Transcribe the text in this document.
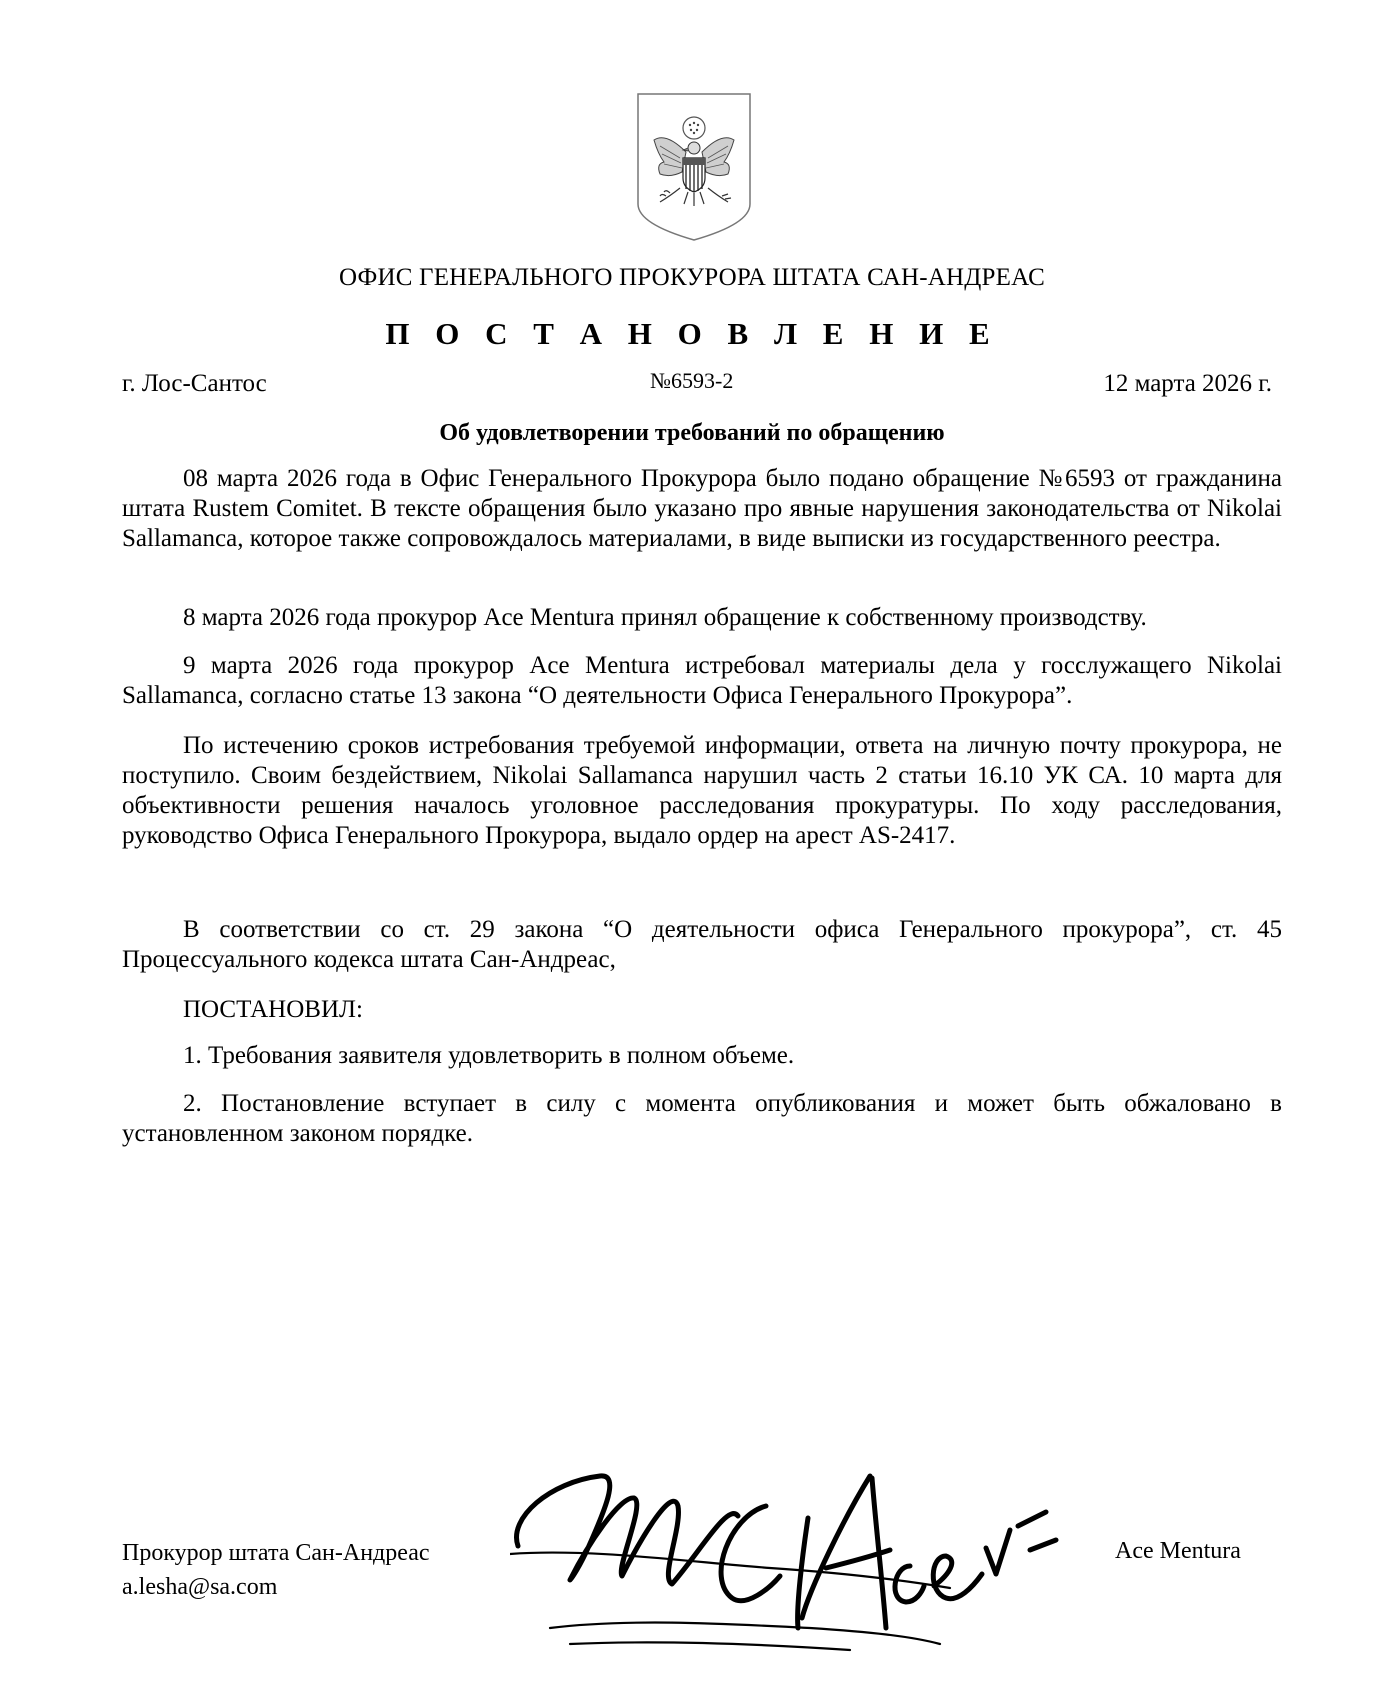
ОФИС ГЕНЕРАЛЬНОГО ПРОКУРОРА ШТАТА САН-АНДРЕАС
П О С Т А Н О В Л Е Н И Е
г. Лос-Сантос	№6593-2	12 марта 2026 г.
Об удовлетворении требований по обращению

08 марта 2026 года в Офис Генерального Прокурора было подано обращение №6593 от гражданина штата Rustem Comitet. В тексте обращения было указано про явные нарушения законодательства от Nikolai Sallamanca, которое также сопровождалось материалами, в виде выписки из государственного реестра.

8 марта 2026 года прокурор Ace Mentura принял обращение к собственному производству.

9 марта 2026 года прокурор Ace Mentura истребовал материалы дела у госслужащего Nikolai Sallamanca, согласно статье 13 закона “О деятельности Офиса Генерального Прокурора”.

По истечению сроков истребования требуемой информации, ответа на личную почту прокурора, не поступило. Своим бездействием, Nikolai Sallamanca нарушил часть 2 статьи 16.10 УК СА. 10 марта для объективности решения началось уголовное расследования прокуратуры. По ходу расследования, руководство Офиса Генерального Прокурора, выдало ордер на арест AS-2417.

В соответствии со ст. 29 закона “О деятельности офиса Генерального прокурора”, ст. 45 Процессуального кодекса штата Сан-Андреас,

ПОСТАНОВИЛ:

1. Требования заявителя удовлетворить в полном объеме.

2. Постановление вступает в силу с момента опубликования и может быть обжаловано в установленном законом порядке.

Прокурор штата Сан-Андреас
a.lesha@sa.com
Ace
Ace Mentura
